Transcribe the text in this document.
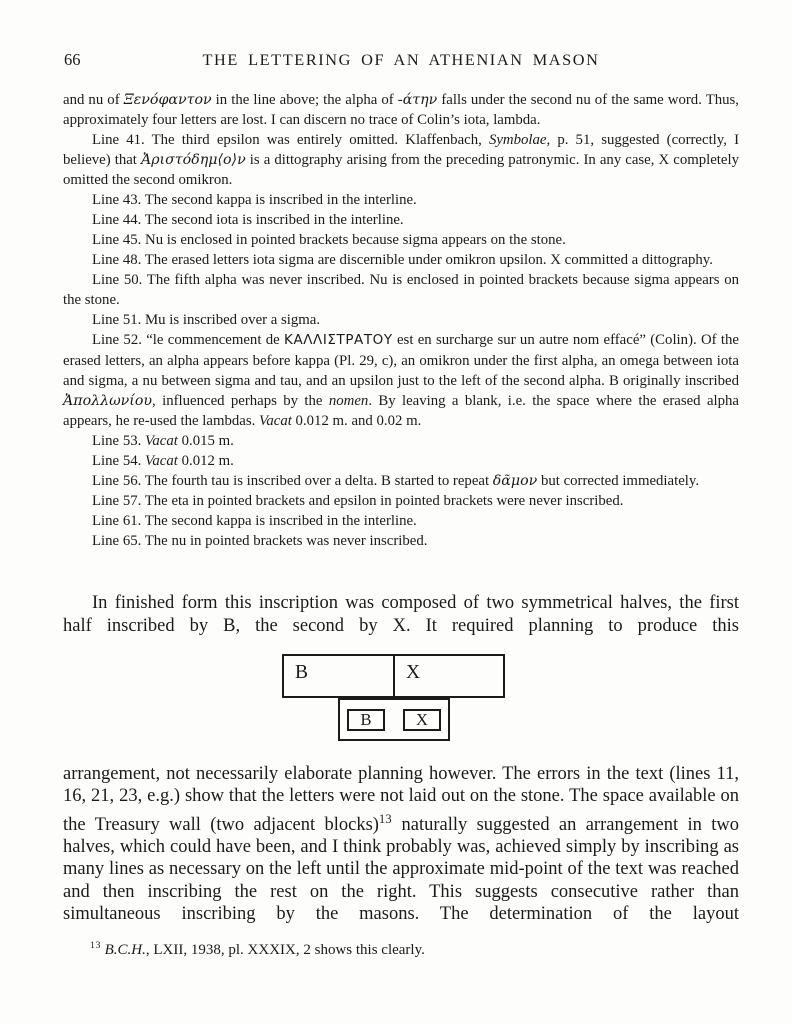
66	THE LETTERING OF AN ATHENIAN MASON

and nu of Ξενόφαντον in the line above; the alpha of -άτην falls under the second nu of the same word. Thus, approximately four letters are lost. I can discern no trace of Colin’s iota, lambda.

Line 41. The third epsilon was entirely omitted. Klaffenbach, Symbolae, p. 51, suggested (correctly, I believe) that Ἀριστόδημ⟨ο⟩ν is a dittography arising from the preceding patronymic. In any case, X completely omitted the second omikron.

Line 43. The second kappa is inscribed in the interline.

Line 44. The second iota is inscribed in the interline.

Line 45. Nu is enclosed in pointed brackets because sigma appears on the stone.

Line 48. The erased letters iota sigma are discernible under omikron upsilon. X committed a dittography.

Line 50. The fifth alpha was never inscribed. Nu is enclosed in pointed brackets because sigma appears on the stone.

Line 51. Mu is inscribed over a sigma.

Line 52. “le commencement de ΚΑΛΛΙΣΤΡΑΤΟΥ est en surcharge sur un autre nom effacé” (Colin). Of the erased letters, an alpha appears before kappa (Pl. 29, c), an omikron under the first alpha, an omega between iota and sigma, a nu between sigma and tau, and an upsilon just to the left of the second alpha. B originally inscribed Ἀπολλωνίου, influenced perhaps by the nomen. By leaving a blank, i.e. the space where the erased alpha appears, he re-used the lambdas. Vacat 0.012 m. and 0.02 m.

Line 53. Vacat 0.015 m.

Line 54. Vacat 0.012 m.

Line 56. The fourth tau is inscribed over a delta. B started to repeat δᾶμον but corrected immediately.

Line 57. The eta in pointed brackets and epsilon in pointed brackets were never inscribed.

Line 61. The second kappa is inscribed in the interline.

Line 65. The nu in pointed brackets was never inscribed.

In finished form this inscription was composed of two symmetrical halves, the first half inscribed by B, the second by X. It required planning to produce this

B	X
B	X

arrangement, not necessarily elaborate planning however. The errors in the text (lines 11, 16, 21, 23, e.g.) show that the letters were not laid out on the stone. The space available on the Treasury wall (two adjacent blocks)$^{13}$ naturally suggested an arrangement in two halves, which could have been, and I think probably was, achieved simply by inscribing as many lines as necessary on the left until the approximate mid-point of the text was reached and then inscribing the rest on the right. This suggests consecutive rather than simultaneous inscribing by the masons. The determination of the layout

$^{13}$ B.C.H., LXII, 1938, pl. XXXIX, 2 shows this clearly.
